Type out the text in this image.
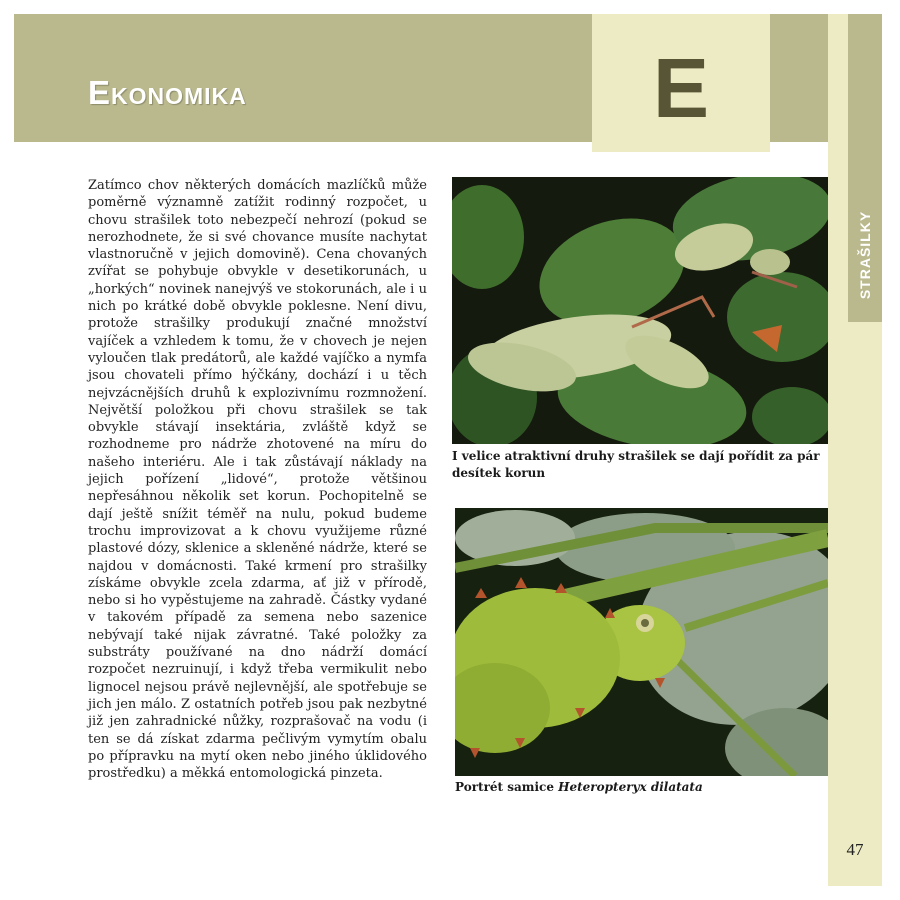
Ekonomika	E
STRAŠILKY

Zatímco chov některých domácích mazlíčků může poměrně významně zatížit rodinný rozpočet, u chovu strašilek toto nebezpečí nehrozí (pokud se nerozhodnete, že si své chovance musíte nachytat vlastnoručně v jejich domovině). Cena chovaných zvířat se pohybuje obvykle v desetikorunách, u „horkých“ novinek nanejvýš ve stokorunách, ale i u nich po krátké době obvykle poklesne. Není divu, protože strašilky produkují značné množství vajíček a vzhledem k tomu, že v chovech je nejen vyloučen tlak predátorů, ale každé vajíčko a nymfa jsou chovateli přímo hýčkány, dochází i u těch nejvzácnějších druhů k explozivnímu rozmnožení. Největší položkou při chovu strašilek se tak obvykle stávají insektária, zvláště když se rozhodneme pro nádrže zhotovené na míru do našeho interiéru. Ale i tak zůstávají náklady na jejich pořízení „lidové“, protože většinou nepřesáhnou několik set korun. Pochopitelně se dají ještě snížit téměř na nulu, pokud budeme trochu improvizovat a k chovu využijeme různé plastové dózy, sklenice a skleněné nádrže, které se najdou v domácnosti. Také krmení pro strašilky získáme obvykle zcela zdarma, ať již v přírodě, nebo si ho vypěstujeme na zahradě. Částky vydané v takovém případě za semena nebo sazenice nebývají také nijak závratné. Také položky za substráty používané na dno nádrží domácí rozpočet nezruinují, i když třeba vermikulit nebo lignocel nejsou právě nejlevnější, ale spotřebuje se jich jen málo. Z ostatních potřeb jsou pak nezbytné již jen zahradnické nůžky, rozprašovač na vodu (i ten se dá získat zdarma pečlivým vymytím obalu po přípravku na mytí oken nebo jiného úklidového prostředku) a měkká entomologická pinzeta.

I velice atraktivní druhy strašilek se dají pořídit za pár desítek korun

Portrét samice Heteropteryx dilatata

47
